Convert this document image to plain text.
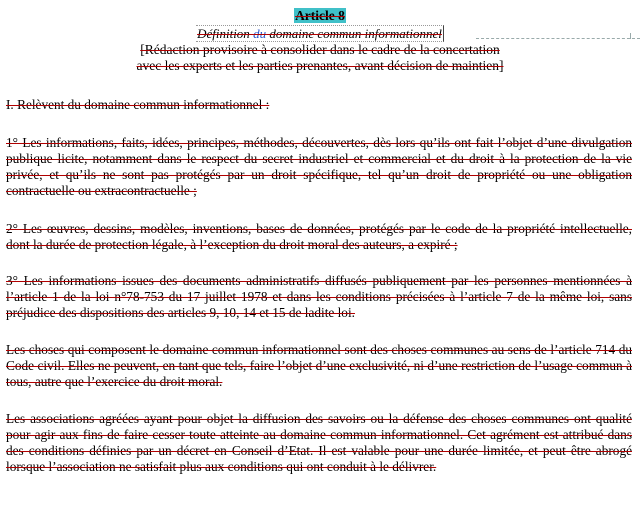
Article 8
Définition du domaine commun informationnel
[Rédaction provisoire à consolider dans le cadre de la concertation
avec les experts et les parties prenantes, avant décision de maintien]

I. Relèvent du domaine commun informationnel :

1° Les informations, faits, idées, principes, méthodes, découvertes, dès lors qu’ils ont fait l’objet d’une divulgation publique licite, notamment dans le respect du secret industriel et commercial et du droit à la protection de la vie privée, et qu’ils ne sont pas protégés par un droit spécifique, tel qu’un droit de propriété ou une obligation contractuelle ou extracontractuelle ;

2° Les œuvres, dessins, modèles, inventions, bases de données, protégés par le code de la propriété intellectuelle, dont la durée de protection légale, à l’exception du droit moral des auteurs, a expiré ;

3° Les informations issues des documents administratifs diffusés publiquement par les personnes mentionnées à l’article 1 de la loi n°78-753 du 17 juillet 1978 et dans les conditions précisées à l’article 7 de la même loi, sans préjudice des dispositions des articles 9, 10, 14 et 15 de ladite loi.

Les choses qui composent le domaine commun informationnel sont des choses communes au sens de l’article 714 du Code civil. Elles ne peuvent, en tant que tels, faire l’objet d’une exclusivité, ni d’une restriction de l’usage commun à tous, autre que l’exercice du droit moral.

Les associations agréées ayant pour objet la diffusion des savoirs ou la défense des choses communes ont qualité pour agir aux fins de faire cesser toute atteinte au domaine commun informationnel. Cet agrément est attribué dans des conditions définies par un décret en Conseil d’Etat. Il est valable pour une durée limitée, et peut être abrogé lorsque l’association ne satisfait plus aux conditions qui ont conduit à le délivrer.
